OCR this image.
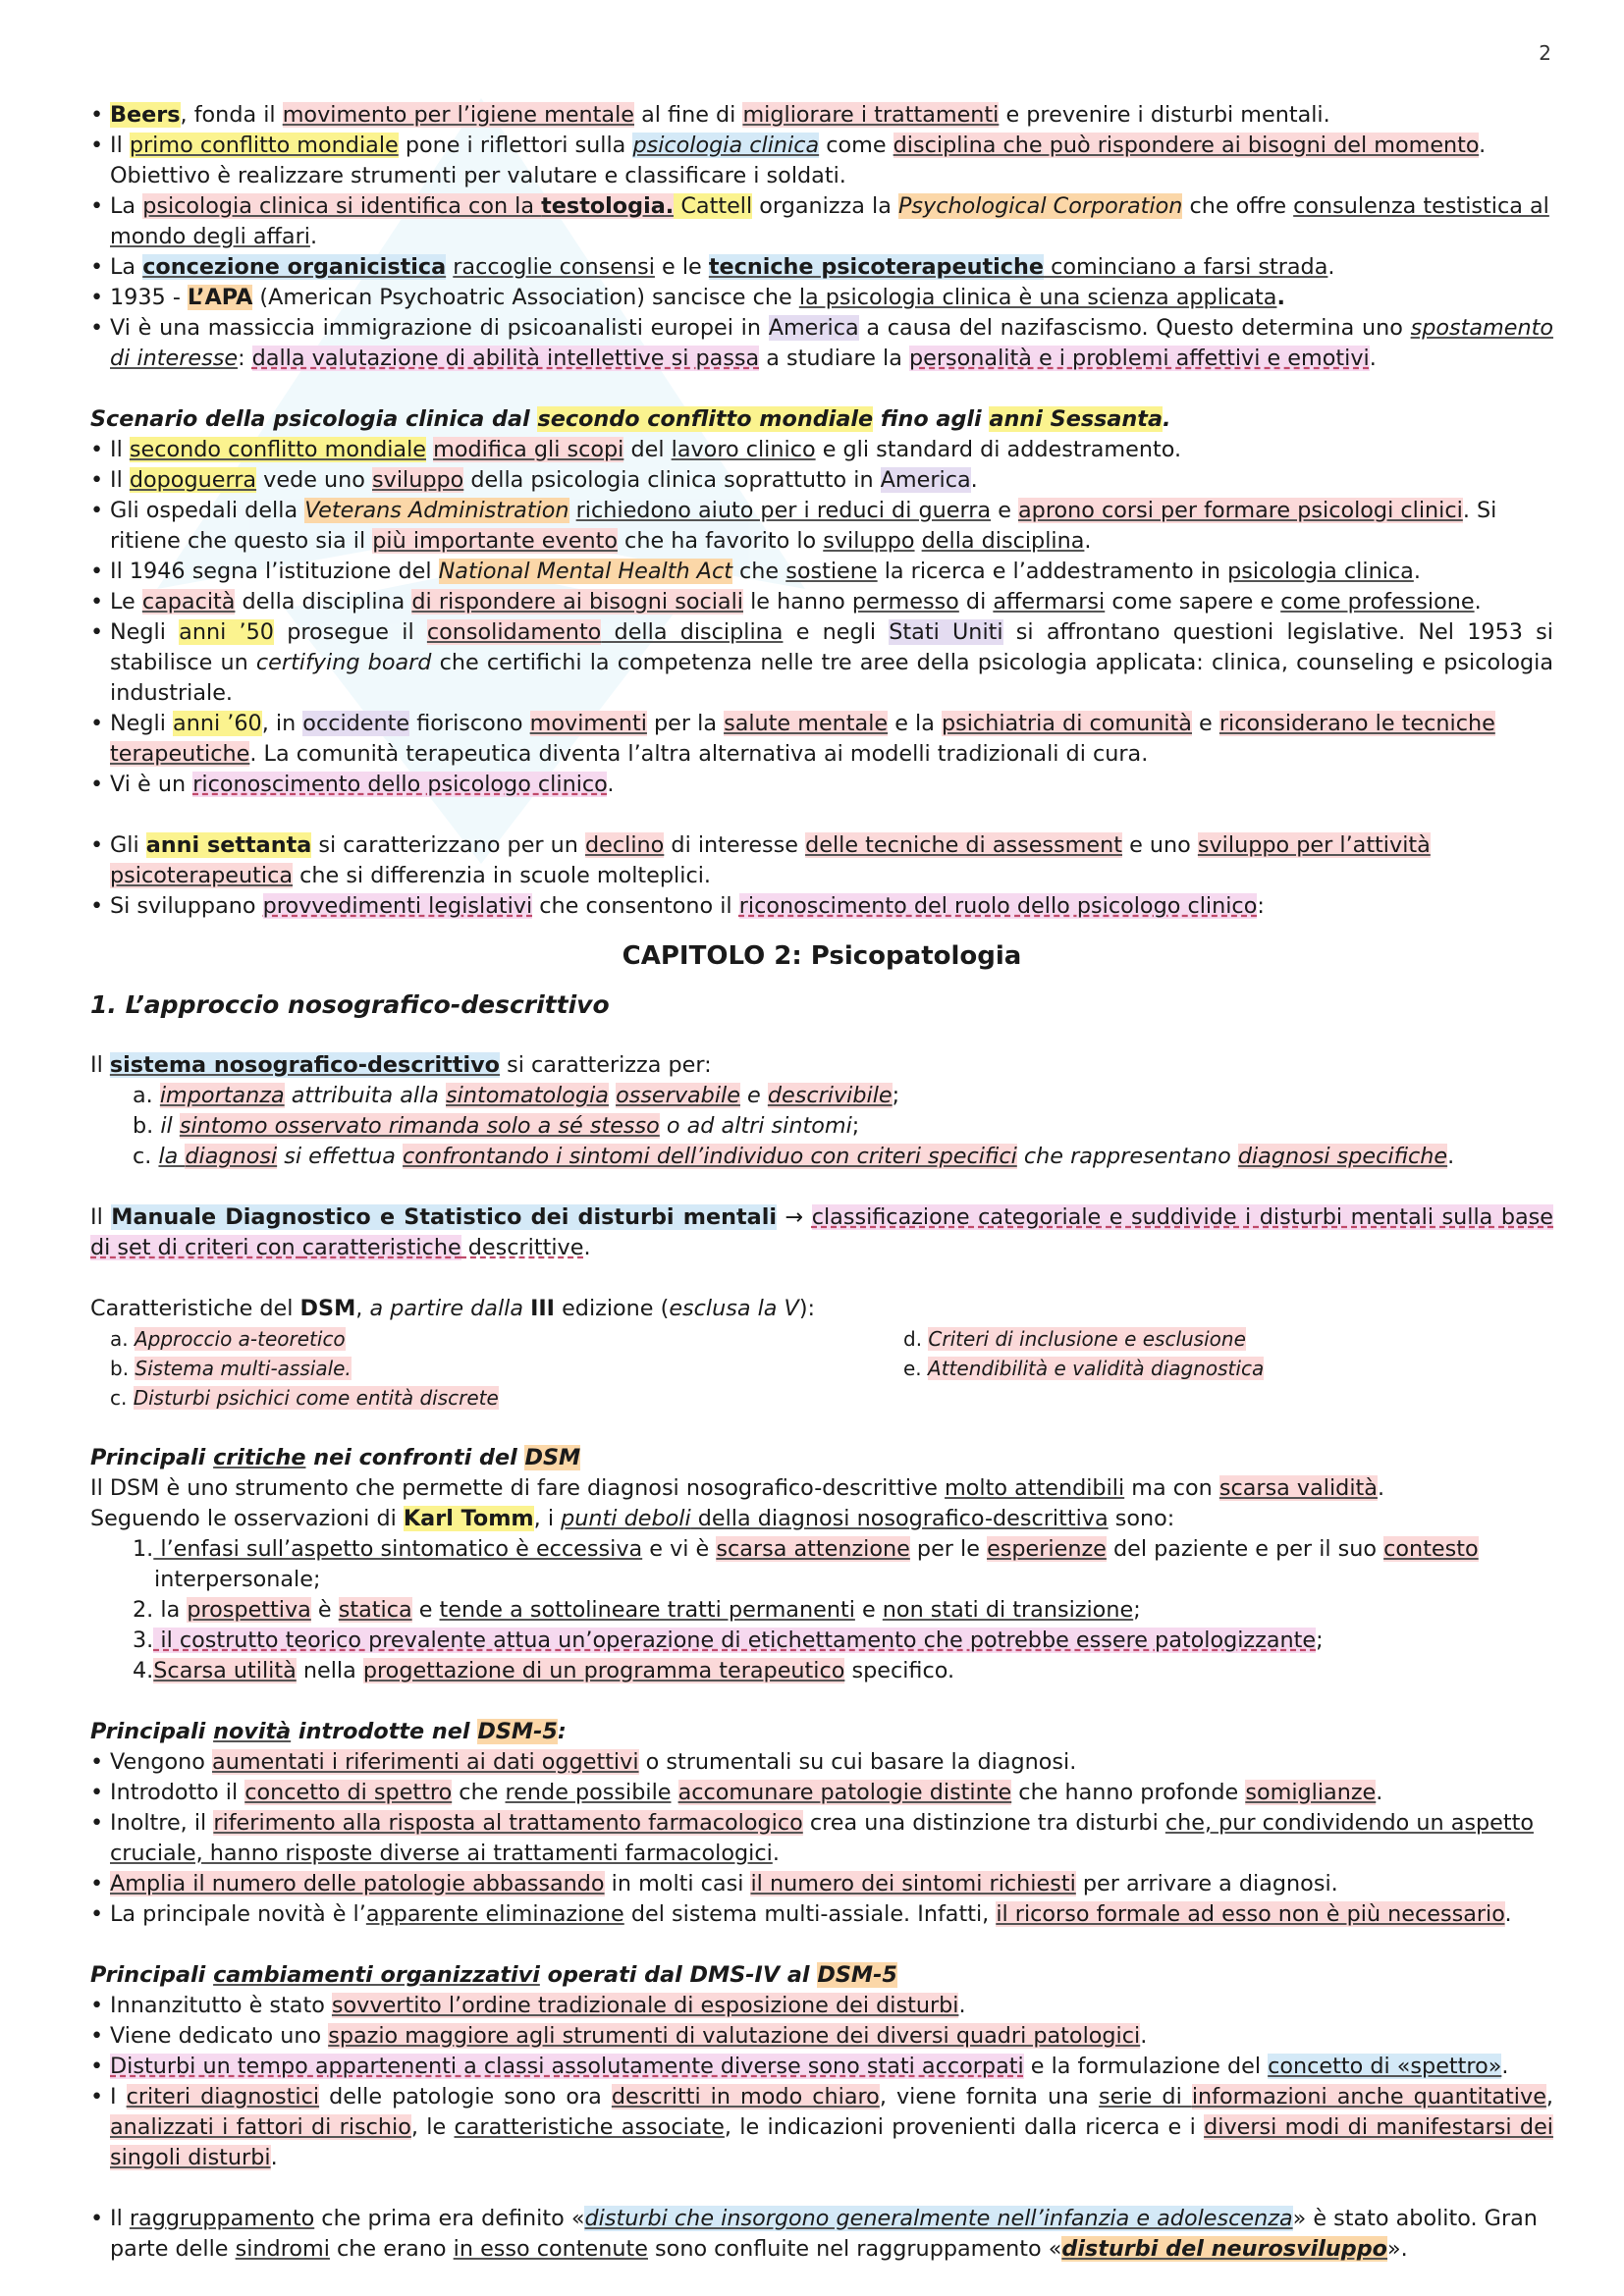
2
• Beers, fonda il movimento per l’igiene mentale al fine di migliorare i trattamenti e prevenire i disturbi mentali.
• Il primo conflitto mondiale pone i riflettori sulla psicologia clinica come disciplina che può rispondere ai bisogni del momento. Obiettivo è realizzare strumenti per valutare e classificare i soldati.
• La psicologia clinica si identifica con la testologia. Cattell organizza la Psychological Corporation che offre consulenza testistica al mondo degli affari.
• La concezione organicistica raccoglie consensi e le tecniche psicoterapeutiche cominciano a farsi strada.
• 1935 - L’APA (American Psychoatric Association) sancisce che la psicologia clinica è una scienza applicata.
• Vi è una massiccia immigrazione di psicoanalisti europei in America a causa del nazifascismo. Questo determina uno spostamento di interesse: dalla valutazione di abilità intellettive si passa a studiare la personalità e i problemi affettivi e emotivi.

Scenario della psicologia clinica dal secondo conflitto mondiale fino agli anni Sessanta.

• Il secondo conflitto mondiale modifica gli scopi del lavoro clinico e gli standard di addestramento.
• Il dopoguerra vede uno sviluppo della psicologia clinica soprattutto in America.
• Gli ospedali della Veterans Administration richiedono aiuto per i reduci di guerra e aprono corsi per formare psicologi clinici. Si ritiene che questo sia il più importante evento che ha favorito lo sviluppo della disciplina.
• Il 1946 segna l’istituzione del National Mental Health Act che sostiene la ricerca e l’addestramento in psicologia clinica.
• Le capacità della disciplina di rispondere ai bisogni sociali le hanno permesso di affermarsi come sapere e come professione.
• Negli anni ’50 prosegue il consolidamento della disciplina e negli Stati Uniti si affrontano questioni legislative. Nel 1953 si stabilisce un certifying board che certifichi la competenza nelle tre aree della psicologia applicata: clinica, counseling e psicologia industriale.
• Negli anni ’60, in occidente fioriscono movimenti per la salute mentale e la psichiatria di comunità e riconsiderano le tecniche terapeutiche. La comunità terapeutica diventa l’altra alternativa ai modelli tradizionali di cura.
• Vi è un riconoscimento dello psicologo clinico.
• Gli anni settanta si caratterizzano per un declino di interesse delle tecniche di assessment e uno sviluppo per l’attività psicoterapeutica che si differenzia in scuole molteplici.
• Si sviluppano provvedimenti legislativi che consentono il riconoscimento del ruolo dello psicologo clinico:
CAPITOLO 2: Psicopatologia

1. L’approccio nosografico-descrittivo

Il sistema nosografico-descrittivo si caratterizza per:

a. importanza attribuita alla sintomatologia osservabile e descrivibile;
b. il sintomo osservato rimanda solo a sé stesso o ad altri sintomi;
c. la diagnosi si effettua confrontando i sintomi dell’individuo con criteri specifici che rappresentano diagnosi specifiche.

Il Manuale Diagnostico e Statistico dei disturbi mentali → classificazione categoriale e suddivide i disturbi mentali sulla base di set di criteri con caratteristiche descrittive.

Caratteristiche del DSM, a partire dalla III edizione (esclusa la V):

a. Approccio a-teoretico
b. Sistema multi-assiale.
c. Disturbi psichici come entità discrete
d. Criteri di inclusione e esclusione
e. Attendibilità e validità diagnostica

Principali critiche nei confronti del DSM

Il DSM è uno strumento che permette di fare diagnosi nosografico-descrittive molto attendibili ma con scarsa validità.

Seguendo le osservazioni di Karl Tomm, i punti deboli della diagnosi nosografico-descrittiva sono:

1. l’enfasi sull’aspetto sintomatico è eccessiva e vi è scarsa attenzione per le esperienze del paziente e per il suo contesto interpersonale;
2. la prospettiva è statica e tende a sottolineare tratti permanenti e non stati di transizione;
3. il costrutto teorico prevalente attua un’operazione di etichettamento che potrebbe essere patologizzante;
4.Scarsa utilità nella progettazione di un programma terapeutico specifico.

Principali novità introdotte nel DSM-5:

• Vengono aumentati i riferimenti ai dati oggettivi o strumentali su cui basare la diagnosi.
• Introdotto il concetto di spettro che rende possibile accomunare patologie distinte che hanno profonde somiglianze.
• Inoltre, il riferimento alla risposta al trattamento farmacologico crea una distinzione tra disturbi che, pur condividendo un aspetto cruciale, hanno risposte diverse ai trattamenti farmacologici.
• Amplia il numero delle patologie abbassando in molti casi il numero dei sintomi richiesti per arrivare a diagnosi.
• La principale novità è l’apparente eliminazione del sistema multi-assiale. Infatti, il ricorso formale ad esso non è più necessario.

Principali cambiamenti organizzativi operati dal DMS-IV al DSM-5

• Innanzitutto è stato sovvertito l’ordine tradizionale di esposizione dei disturbi.
• Viene dedicato uno spazio maggiore agli strumenti di valutazione dei diversi quadri patologici.
• Disturbi un tempo appartenenti a classi assolutamente diverse sono stati accorpati e la formulazione del concetto di «spettro».
• I criteri diagnostici delle patologie sono ora descritti in modo chiaro, viene fornita una serie di informazioni anche quantitative, analizzati i fattori di rischio, le caratteristiche associate, le indicazioni provenienti dalla ricerca e i diversi modi di manifestarsi dei singoli disturbi.
• Il raggruppamento che prima era definito «disturbi che insorgono generalmente nell’infanzia e adolescenza» è stato abolito. Gran parte delle sindromi che erano in esso contenute sono confluite nel raggruppamento «disturbi del neurosviluppo».
